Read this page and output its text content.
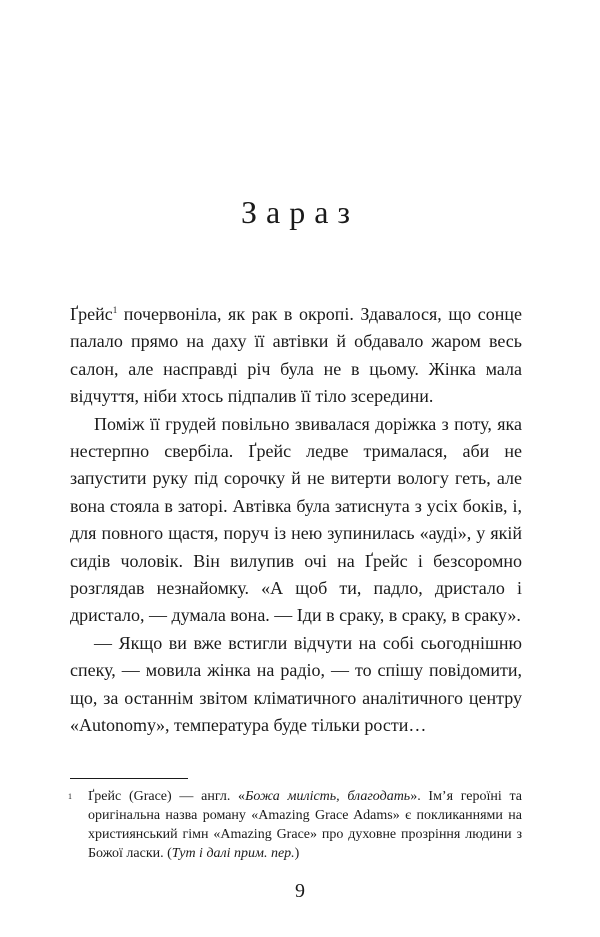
Зараз

Ґрейс$^1$ почервоніла, як рак в окропі. Здавалося, що сонце палало прямо на даху її автівки й обдавало жаром весь салон, але насправді річ була не в цьому. Жінка мала відчуття, ніби хтось підпалив її тіло зсередини.

Поміж її грудей повільно звивалася доріжка з поту, яка нестерпно свербіла. Ґрейс ледве трималася, аби не запустити руку під сорочку й не витерти вологу геть, але вона стояла в заторі. Автівка була затиснута з усіх боків, і, для повного щастя, поруч із нею зупинилась «ауді», у якій сидів чоловік. Він вилупив очі на Ґрейс і безсоромно розглядав незнайомку. «А щоб ти, падло, дристало і дристало, — думала вона. — Іди в сраку, в сраку, в сраку».

— Якщо ви вже встигли відчути на собі сьогоднішню спеку, — мовила жінка на радіо, — то спішу повідомити, що, за останнім звітом кліматичного аналітичного центру «Autonomy», температура буде тільки рости…

1	Ґрейс (Grace) — англ. «Божа милість, благодать». Ім’я героїні та оригінальна назва роману «Amazing Grace Adams» є покликаннями на християнський гімн «Amazing Grace» про духовне прозріння людини з Божої ласки. (Тут і далі прим. пер.)
9
